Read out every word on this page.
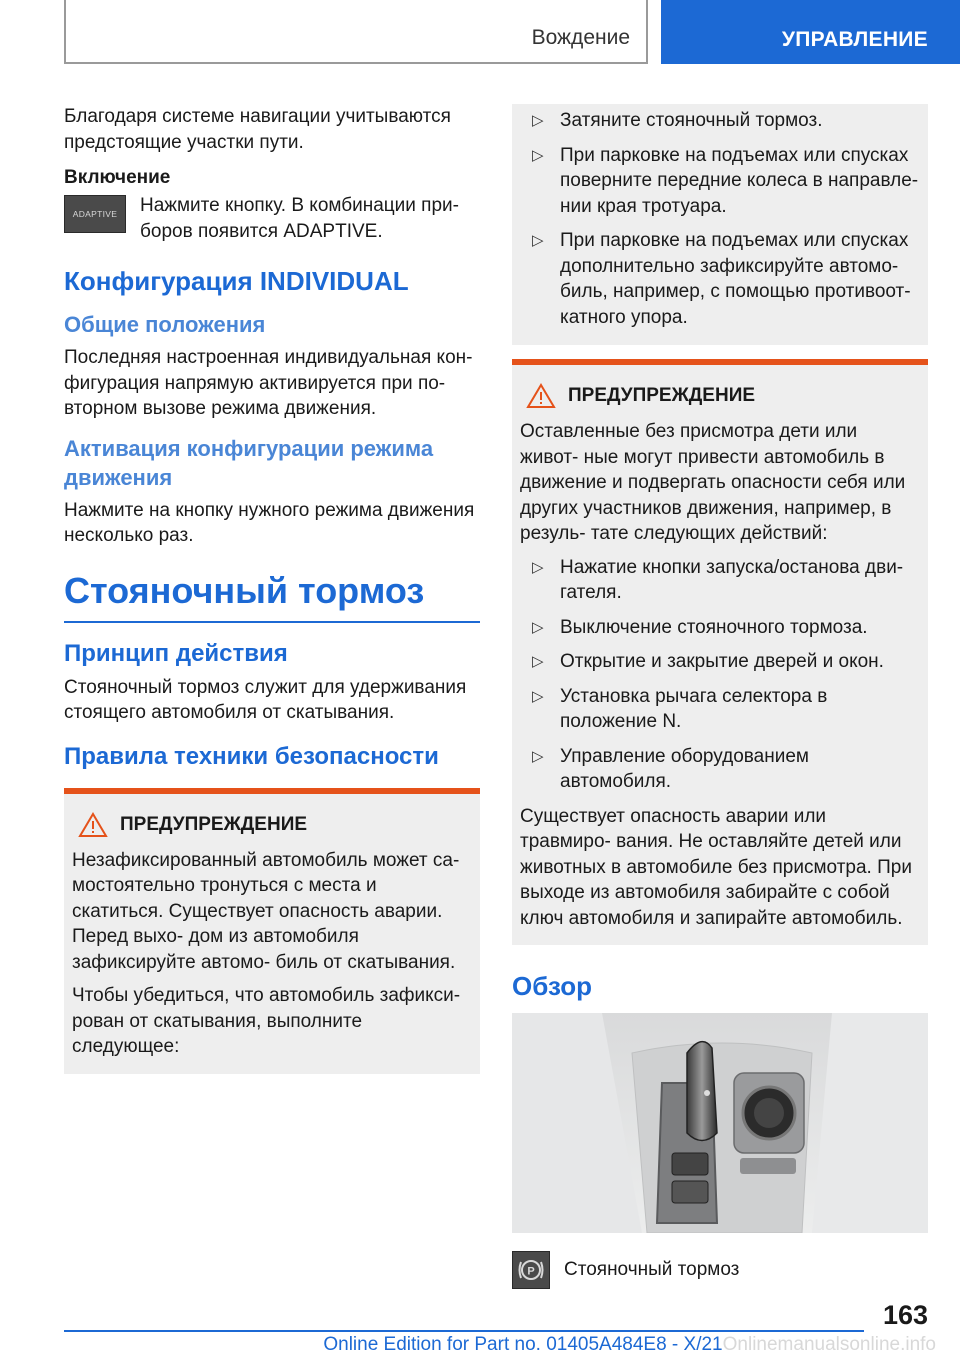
Вождение	УПРАВЛЕНИЕ

Благодаря системе навигации учитываются предстоящие участки пути.

Включение
ADAPTIVE Нажмите кнопку. В комбинации при- боров появится ADAPTIVE.
Конфигурация INDIVIDUAL
Общие положения

Последняя настроенная индивидуальная кон- фигурация напрямую активируется при по- вторном вызове режима движения.

Активация конфигурации режима движения

Нажмите на кнопку нужного режима движения несколько раз.

Стояночный тормоз
Принцип действия

Стояночный тормоз служит для удерживания стоящего автомобиля от скатывания.

Правила техники безопасности
ПРЕДУПРЕЖДЕНИЕ

Незафиксированный автомобиль может са- мостоятельно тронуться с места и скатиться. Существует опасность аварии. Перед выхо- дом из автомобиля зафиксируйте автомо- биль от скатывания.

Чтобы убедиться, что автомобиль зафикси- рован от скатывания, выполните следующее:

▷ Затяните стояночный тормоз.
▷ При парковке на подъемах или спусках поверните передние колеса в направле- нии края тротуара.
▷ При парковке на подъемах или спусках дополнительно зафиксируйте автомо- биль, например, с помощью противоот- катного упора.
ПРЕДУПРЕЖДЕНИЕ

Оставленные без присмотра дети или живот- ные могут привести автомобиль в движение и подвергать опасности себя или других участников движения, например, в резуль- тате следующих действий:

▷ Нажатие кнопки запуска/останова дви- гателя.
▷ Выключение стояночного тормоза.
▷ Открытие и закрытие дверей и окон.
▷ Установка рычага селектора в положение N.
▷ Управление оборудованием автомобиля.

Существует опасность аварии или травмиро- вания. Не оставляйте детей или животных в автомобиле без присмотра. При выходе из автомобиля забирайте с собой ключ автомобиля и запирайте автомобиль.

Обзор
P Стояночный тормоз
163
Online Edition for Part no. 01405A484E8 - X/21Onlinemanualsonline.info
